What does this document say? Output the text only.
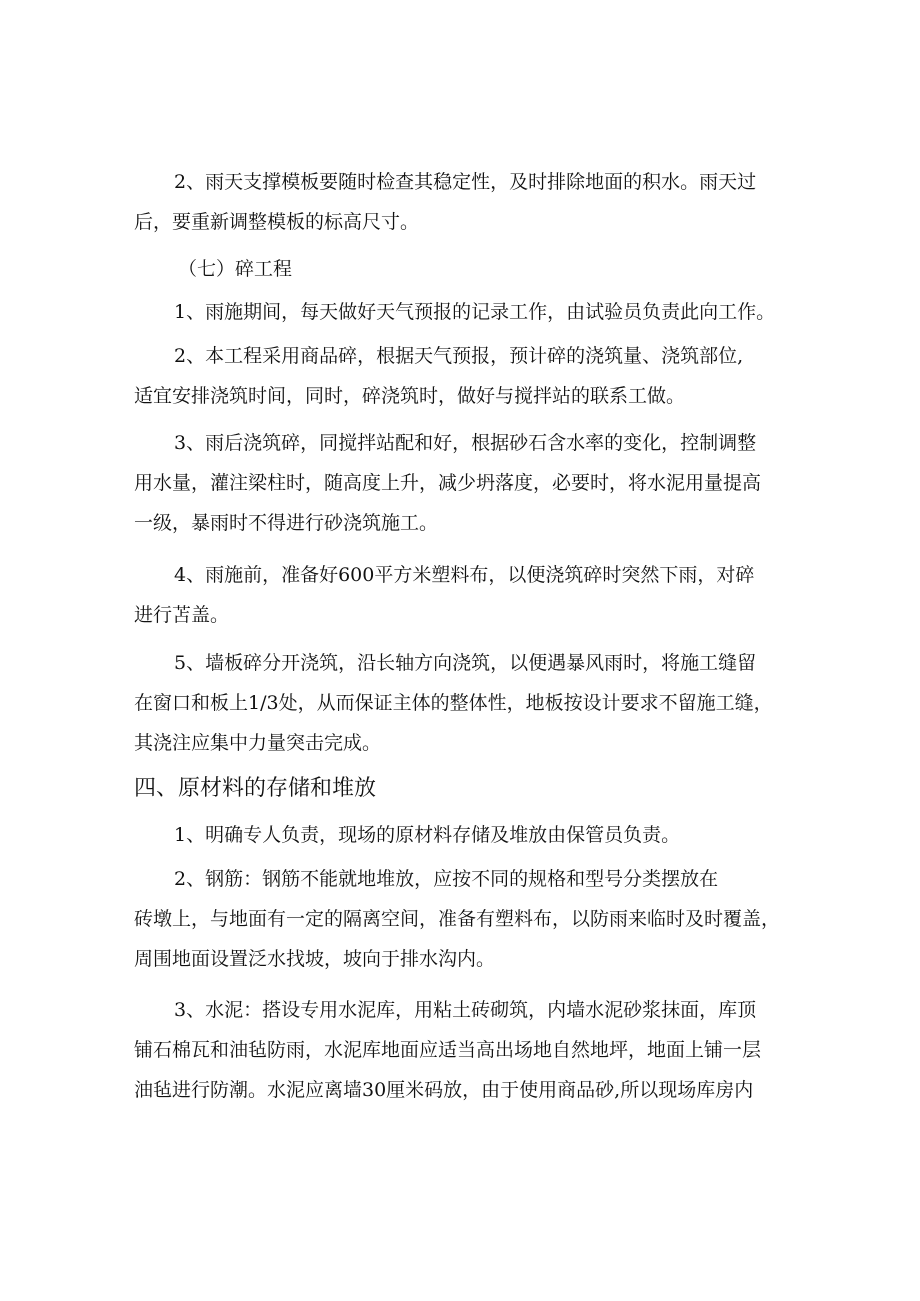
2、雨天支撑模板要随时检查其稳定性，及时排除地面的积水。雨天过
后，要重新调整模板的标高尺寸。
（七）碎工程
1、雨施期间，每天做好天气预报的记录工作，由试验员负责此向工作。
2、本工程采用商品碎，根据天气预报，预计碎的浇筑量、浇筑部位,
适宜安排浇筑时间，同时，碎浇筑时，做好与搅拌站的联系工做。
3、雨后浇筑碎，同搅拌站配和好，根据砂石含水率的变化，控制调整
用水量，灌注梁柱时，随高度上升，减少坍落度，必要时，将水泥用量提高
一级，暴雨时不得进行砂浇筑施工。
4、雨施前，准备好600平方米塑料布，以便浇筑碎时突然下雨，对碎
进行苫盖。
5、墙板碎分开浇筑，沿长轴方向浇筑，以便遇暴风雨时，将施工缝留
在窗口和板上1/3处，从而保证主体的整体性，地板按设计要求不留施工缝，
其浇注应集中力量突击完成。
四、原材料的存储和堆放
1、明确专人负责，现场的原材料存储及堆放由保管员负责。
2、钢筋：钢筋不能就地堆放，应按不同的规格和型号分类摆放在
砖墩上，与地面有一定的隔离空间，准备有塑料布，以防雨来临时及时覆盖，
周围地面设置泛水找坡，坡向于排水沟内。
3、水泥：搭设专用水泥库，用粘土砖砌筑，内墙水泥砂浆抹面，库顶
铺石棉瓦和油毡防雨，水泥库地面应适当高出场地自然地坪，地面上铺一层
油毡进行防潮。水泥应离墙30厘米码放，由于使用商品砂,所以现场库房内
